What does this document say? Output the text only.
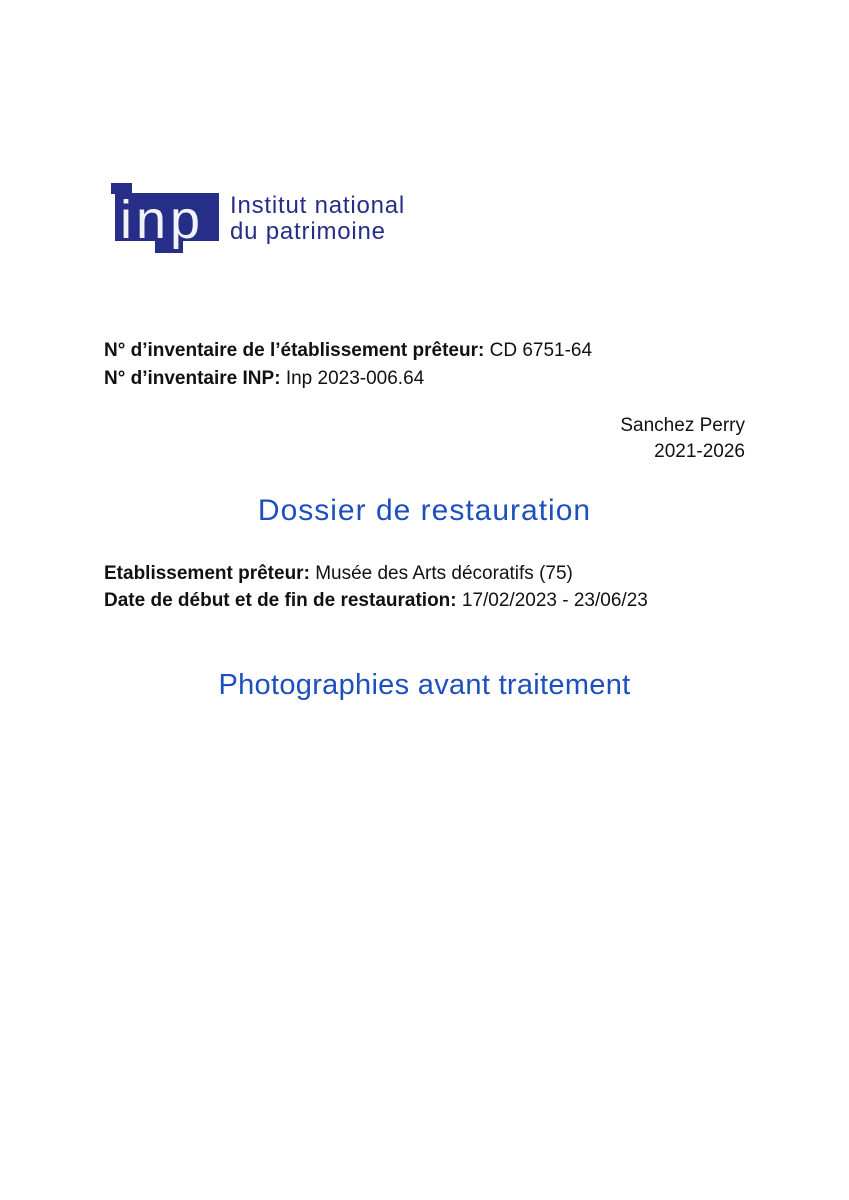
inp Institut national
du patrimoine
N° d’inventaire de l’établissement prêteur: CD 6751-64
N° d’inventaire INP: Inp 2023-006.64
Sanchez Perry
2021-2026
Dossier de restauration
Etablissement prêteur: Musée des Arts décoratifs (75)
Date de début et de fin de restauration: 17/02/2023 - 23/06/23
Photographies avant traitement
